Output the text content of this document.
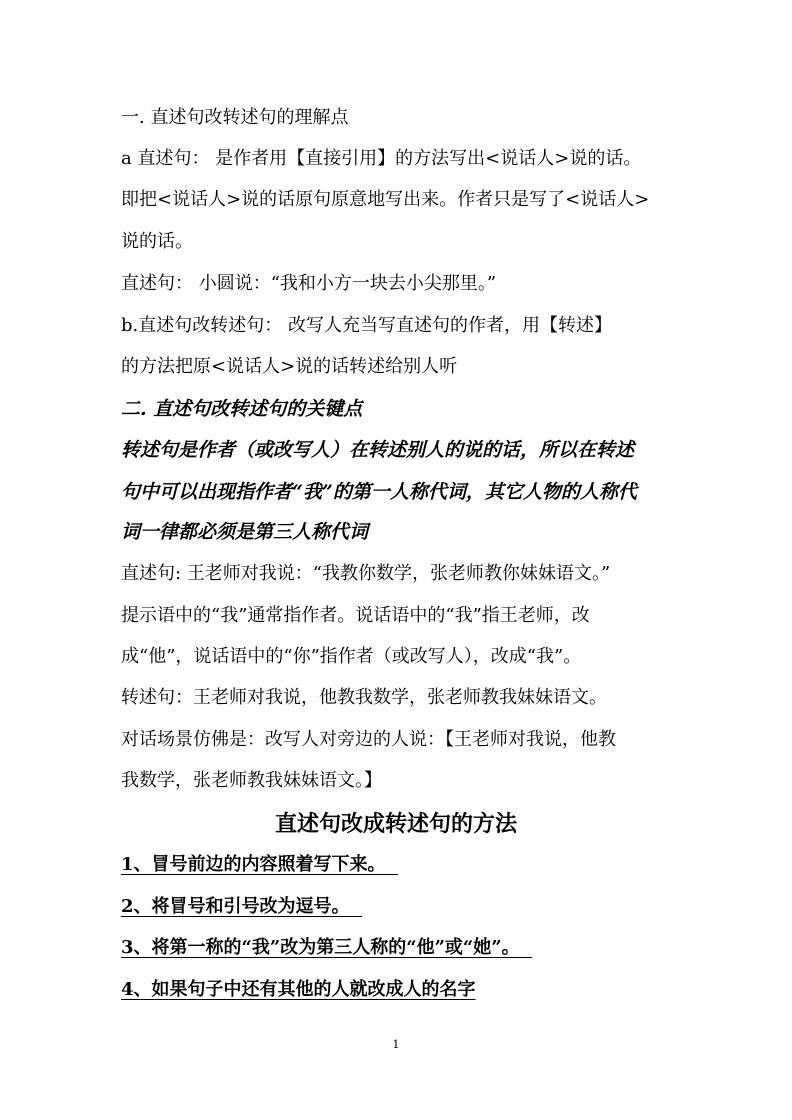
一. 直述句改转述句的理解点
a 直述句： 是作者用【直接引用】的方法写出<说话人>说的话。
即把<说话人>说的话原句原意地写出来。作者只是写了<说话人>
说的话。
直述句： 小圆说：“我和小方一块去小尖那里。”
b.直述句改转述句： 改写人充当写直述句的作者，用【转述】
的方法把原<说话人>说的话转述给别人听
二. 直述句改转述句的关键点
转述句是作者（或改写人）在转述别人的说的话，所以在转述
句中可以出现指作者“我”的第一人称代词，其它人物的人称代
词一律都必须是第三人称代词
直述句: 王老师对我说：“我教你数学，张老师教你妹妹语文。”
提示语中的“我”通常指作者。说话语中的“我”指王老师，改
成“他”，说话语中的“你”指作者（或改写人），改成“我”。
转述句：王老师对我说，他教我数学，张老师教我妹妹语文。
对话场景仿佛是：改写人对旁边的人说：【王老师对我说，他教
我数学，张老师教我妹妹语文。】
直述句改成转述句的方法
1、冒号前边的内容照着写下来。
2、将冒号和引号改为逗号。
3、将第一称的“我”改为第三人称的“他”或“她”。
4、如果句子中还有其他的人就改成人的名字
1
